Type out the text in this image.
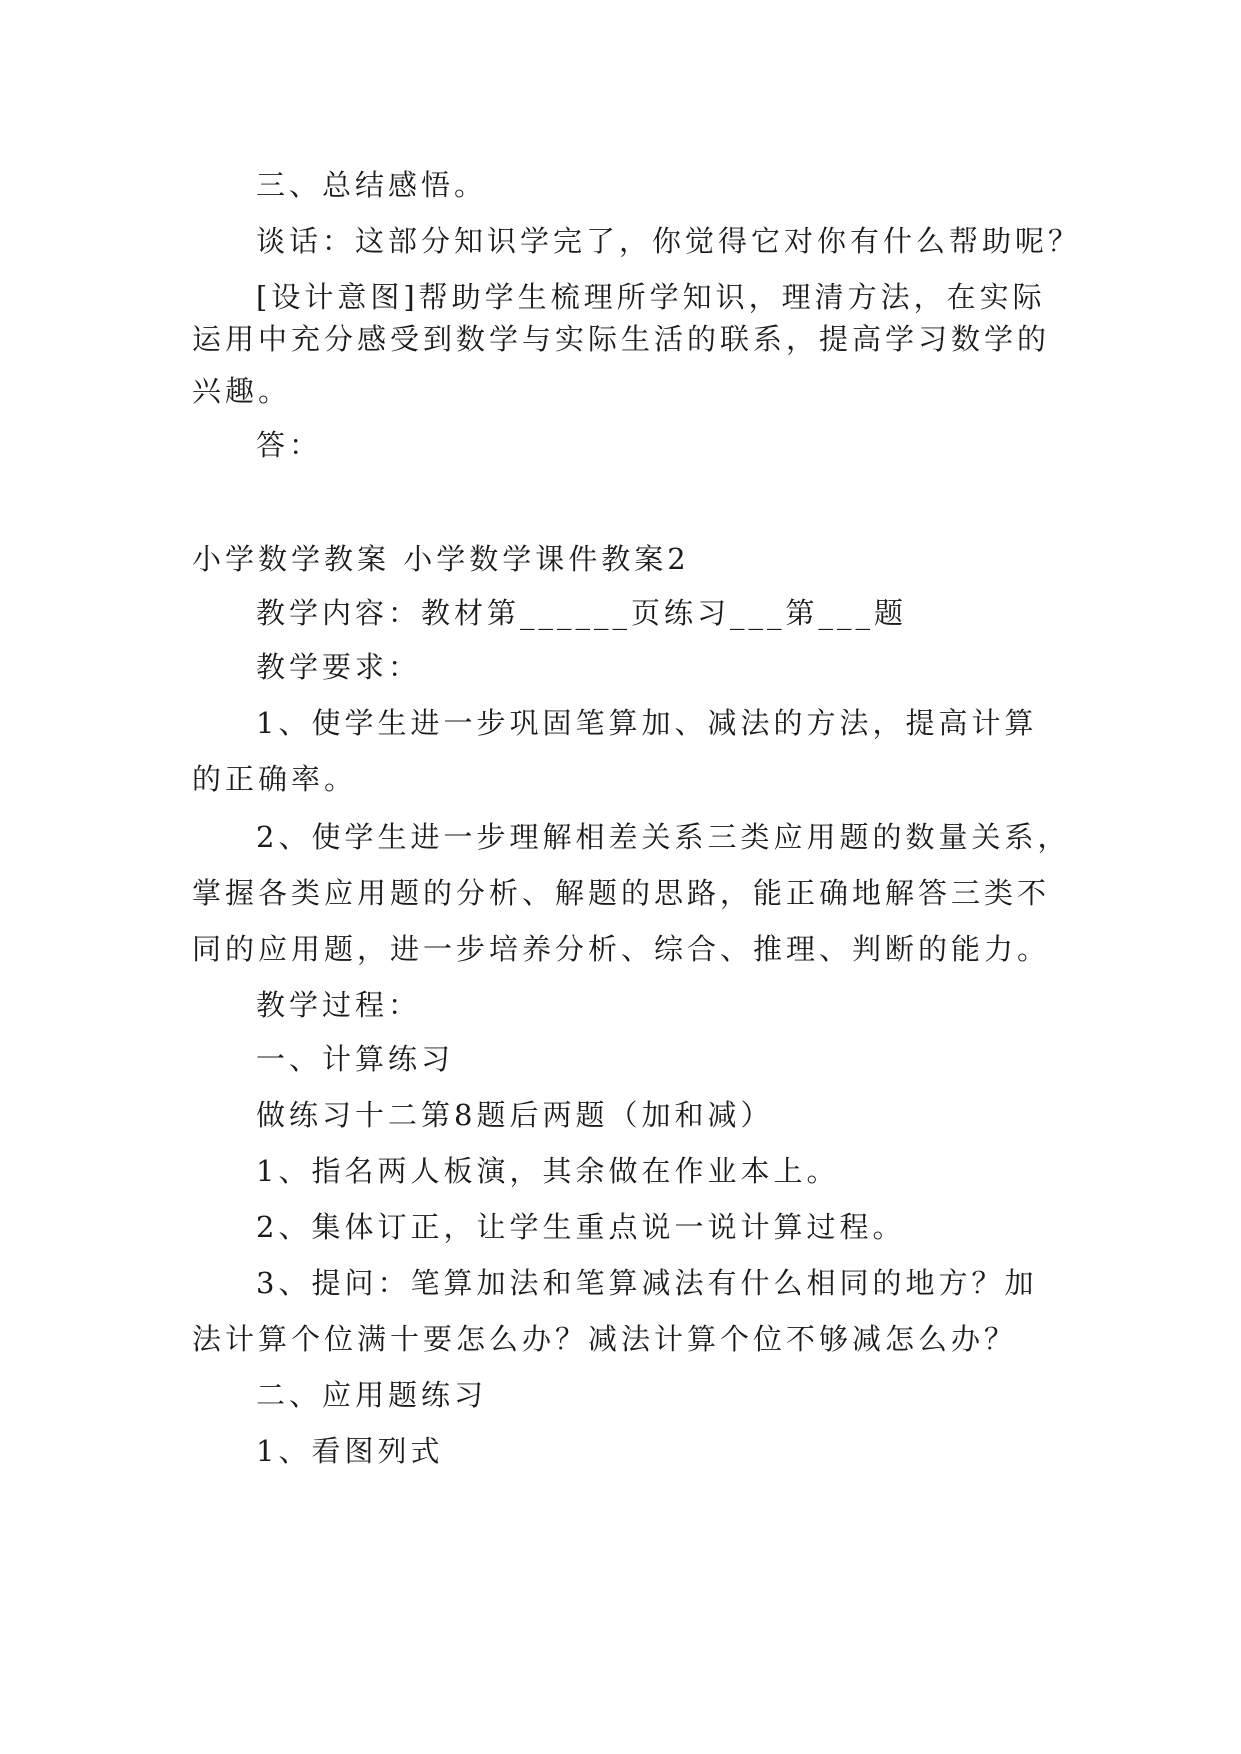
三、总结感悟。
谈话：这部分知识学完了，你觉得它对你有什么帮助呢？
[设计意图]帮助学生梳理所学知识，理清方法，在实际
运用中充分感受到数学与实际生活的联系，提高学习数学的
兴趣。
答：
小学数学教案 小学数学课件教案2
教学内容：教材第______页练习___第___题
教学要求：
1、使学生进一步巩固笔算加、减法的方法，提高计算
的正确率。
2、使学生进一步理解相差关系三类应用题的数量关系，
掌握各类应用题的分析、解题的思路，能正确地解答三类不
同的应用题，进一步培养分析、综合、推理、判断的能力。
教学过程：
一、计算练习
做练习十二第8题后两题（加和减）
1、指名两人板演，其余做在作业本上。
2、集体订正，让学生重点说一说计算过程。
3、提问：笔算加法和笔算减法有什么相同的地方？加
法计算个位满十要怎么办？减法计算个位不够减怎么办？
二、应用题练习
1、看图列式
